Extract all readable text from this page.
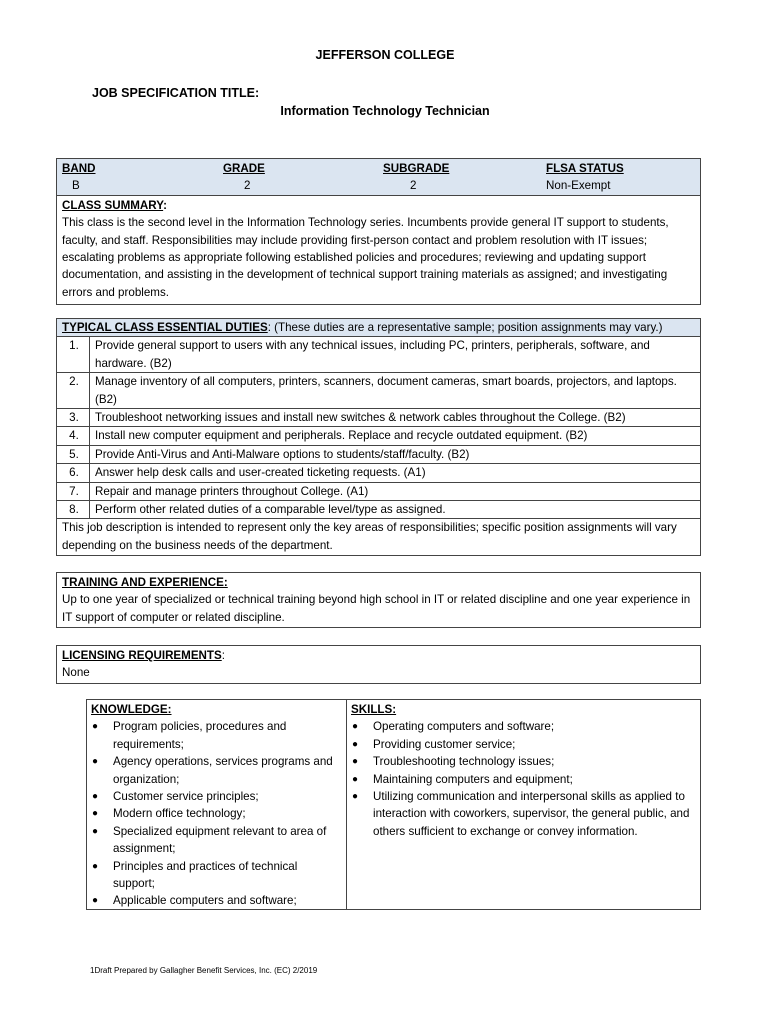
JEFFERSON COLLEGE
JOB SPECIFICATION TITLE:
Information Technology Technician
BAND	GRADE	SUBGRADE	FLSA STATUS
B	2	2	Non-Exempt
CLASS SUMMARY:
This class is the second level in the Information Technology series. Incumbents provide general IT support to students, faculty, and staff. Responsibilities may include providing first-person contact and problem resolution with IT issues; escalating problems as appropriate following established policies and procedures; reviewing and updating support documentation, and assisting in the development of technical support training materials as assigned; and investigating errors and problems.
TYPICAL CLASS ESSENTIAL DUTIES: (These duties are a representative sample; position assignments may vary.)
1.	Provide general support to users with any technical issues, including PC, printers, peripherals, software, and hardware. (B2)
2.	Manage inventory of all computers, printers, scanners, document cameras, smart boards, projectors, and laptops. (B2)
3.	Troubleshoot networking issues and install new switches & network cables throughout the College. (B2)
4.	Install new computer equipment and peripherals. Replace and recycle outdated equipment. (B2)
5.	Provide Anti-Virus and Anti-Malware options to students/staff/faculty. (B2)
6.	Answer help desk calls and user-created ticketing requests. (A1)
7.	Repair and manage printers throughout College. (A1)
8.	Perform other related duties of a comparable level/type as assigned.
This job description is intended to represent only the key areas of responsibilities; specific position assignments will vary depending on the business needs of the department.
TRAINING AND EXPERIENCE:
Up to one year of specialized or technical training beyond high school in IT or related discipline and one year experience in IT support of computer or related discipline.
LICENSING REQUIREMENTS:
None
KNOWLEDGE:
●	Program policies, procedures and requirements;
●	Agency operations, services programs and organization;
●	Customer service principles;
●	Modern office technology;
●	Specialized equipment relevant to area of assignment;
●	Principles and practices of technical support;
●	Applicable computers and software;
SKILLS:
●	Operating computers and software;
●	Providing customer service;
●	Troubleshooting technology issues;
●	Maintaining computers and equipment;
●	Utilizing communication and interpersonal skills as applied to interaction with coworkers, supervisor, the general public, and others sufficient to exchange or convey information.
1Draft Prepared by Gallagher Benefit Services, Inc. (EC) 2/2019
